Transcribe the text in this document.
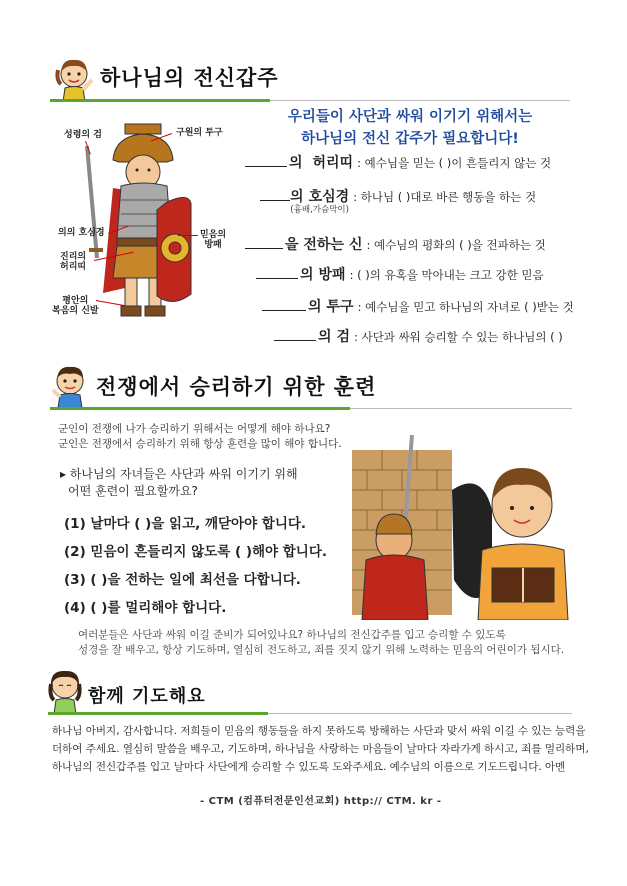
하나님의 전신갑주
성령의 검	구원의 투구
의의 호심경
진리의
허리띠
믿음의
방패
평안의
복음의 신발
우리들이 사단과 싸워 이기기 위해서는
하나님의 전신 갑주가 필요합니다!
의 허리띠 : 예수님을 믿는 ( )이 흔들리지 않는 것
의 호심경
(흉배,가슴막이)
: 하나님 ( )대로 바른 행동을 하는 것
을 전하는 신 : 예수님의 평화의 ( )을 전파하는 것
의 방패 : ( )의 유혹을 막아내는 크고 강한 믿음
의 투구 : 예수님을 믿고 하나님의 자녀로 ( )받는 것
의 검 : 사단과 싸워 승리할 수 있는 하나님의 ( )
전쟁에서 승리하기 위한 훈련
군인이 전쟁에 나가 승리하기 위해서는 어떻게 해야 하나요?
군인은 전쟁에서 승리하기 위해 항상 훈련을 많이 해야 합니다.
▸ 하나님의 자녀들은 사단과 싸워 이기기 위해
어떤 훈련이 필요할까요?
(1) 날마다 ( )을 읽고, 깨닫아야 합니다.
(2) 믿음이 흔들리지 않도록 ( )해야 합니다.
(3) ( )을 전하는 일에 최선을 다합니다.
(4) ( )를 멀리해야 합니다.
여러분들은 사단과 싸워 이길 준비가 되어있나요? 하나님의 전신갑주를 입고 승리할 수 있도록
성경을 잘 배우고, 항상 기도하며, 열심히 전도하고, 죄를 짓지 않기 위해 노력하는 믿음의 어린이가 됩시다.
함께 기도해요
하나님 아버지, 감사합니다. 저희들이 믿음의 행동들을 하지 못하도록 방해하는 사단과 맞서 싸워 이길 수 있는 능력을
더하여 주세요. 열심히 말씀을 배우고, 기도하며, 하나님을 사랑하는 마음들이 날마다 자라가게 하시고, 죄를 멀리하며,
하나님의 전신갑주를 입고 날마다 사단에게 승리할 수 있도록 도와주세요. 예수님의 이름으로 기도드립니다. 아멘
- CTM (컴퓨터전문인선교회) http:// CTM. kr -
